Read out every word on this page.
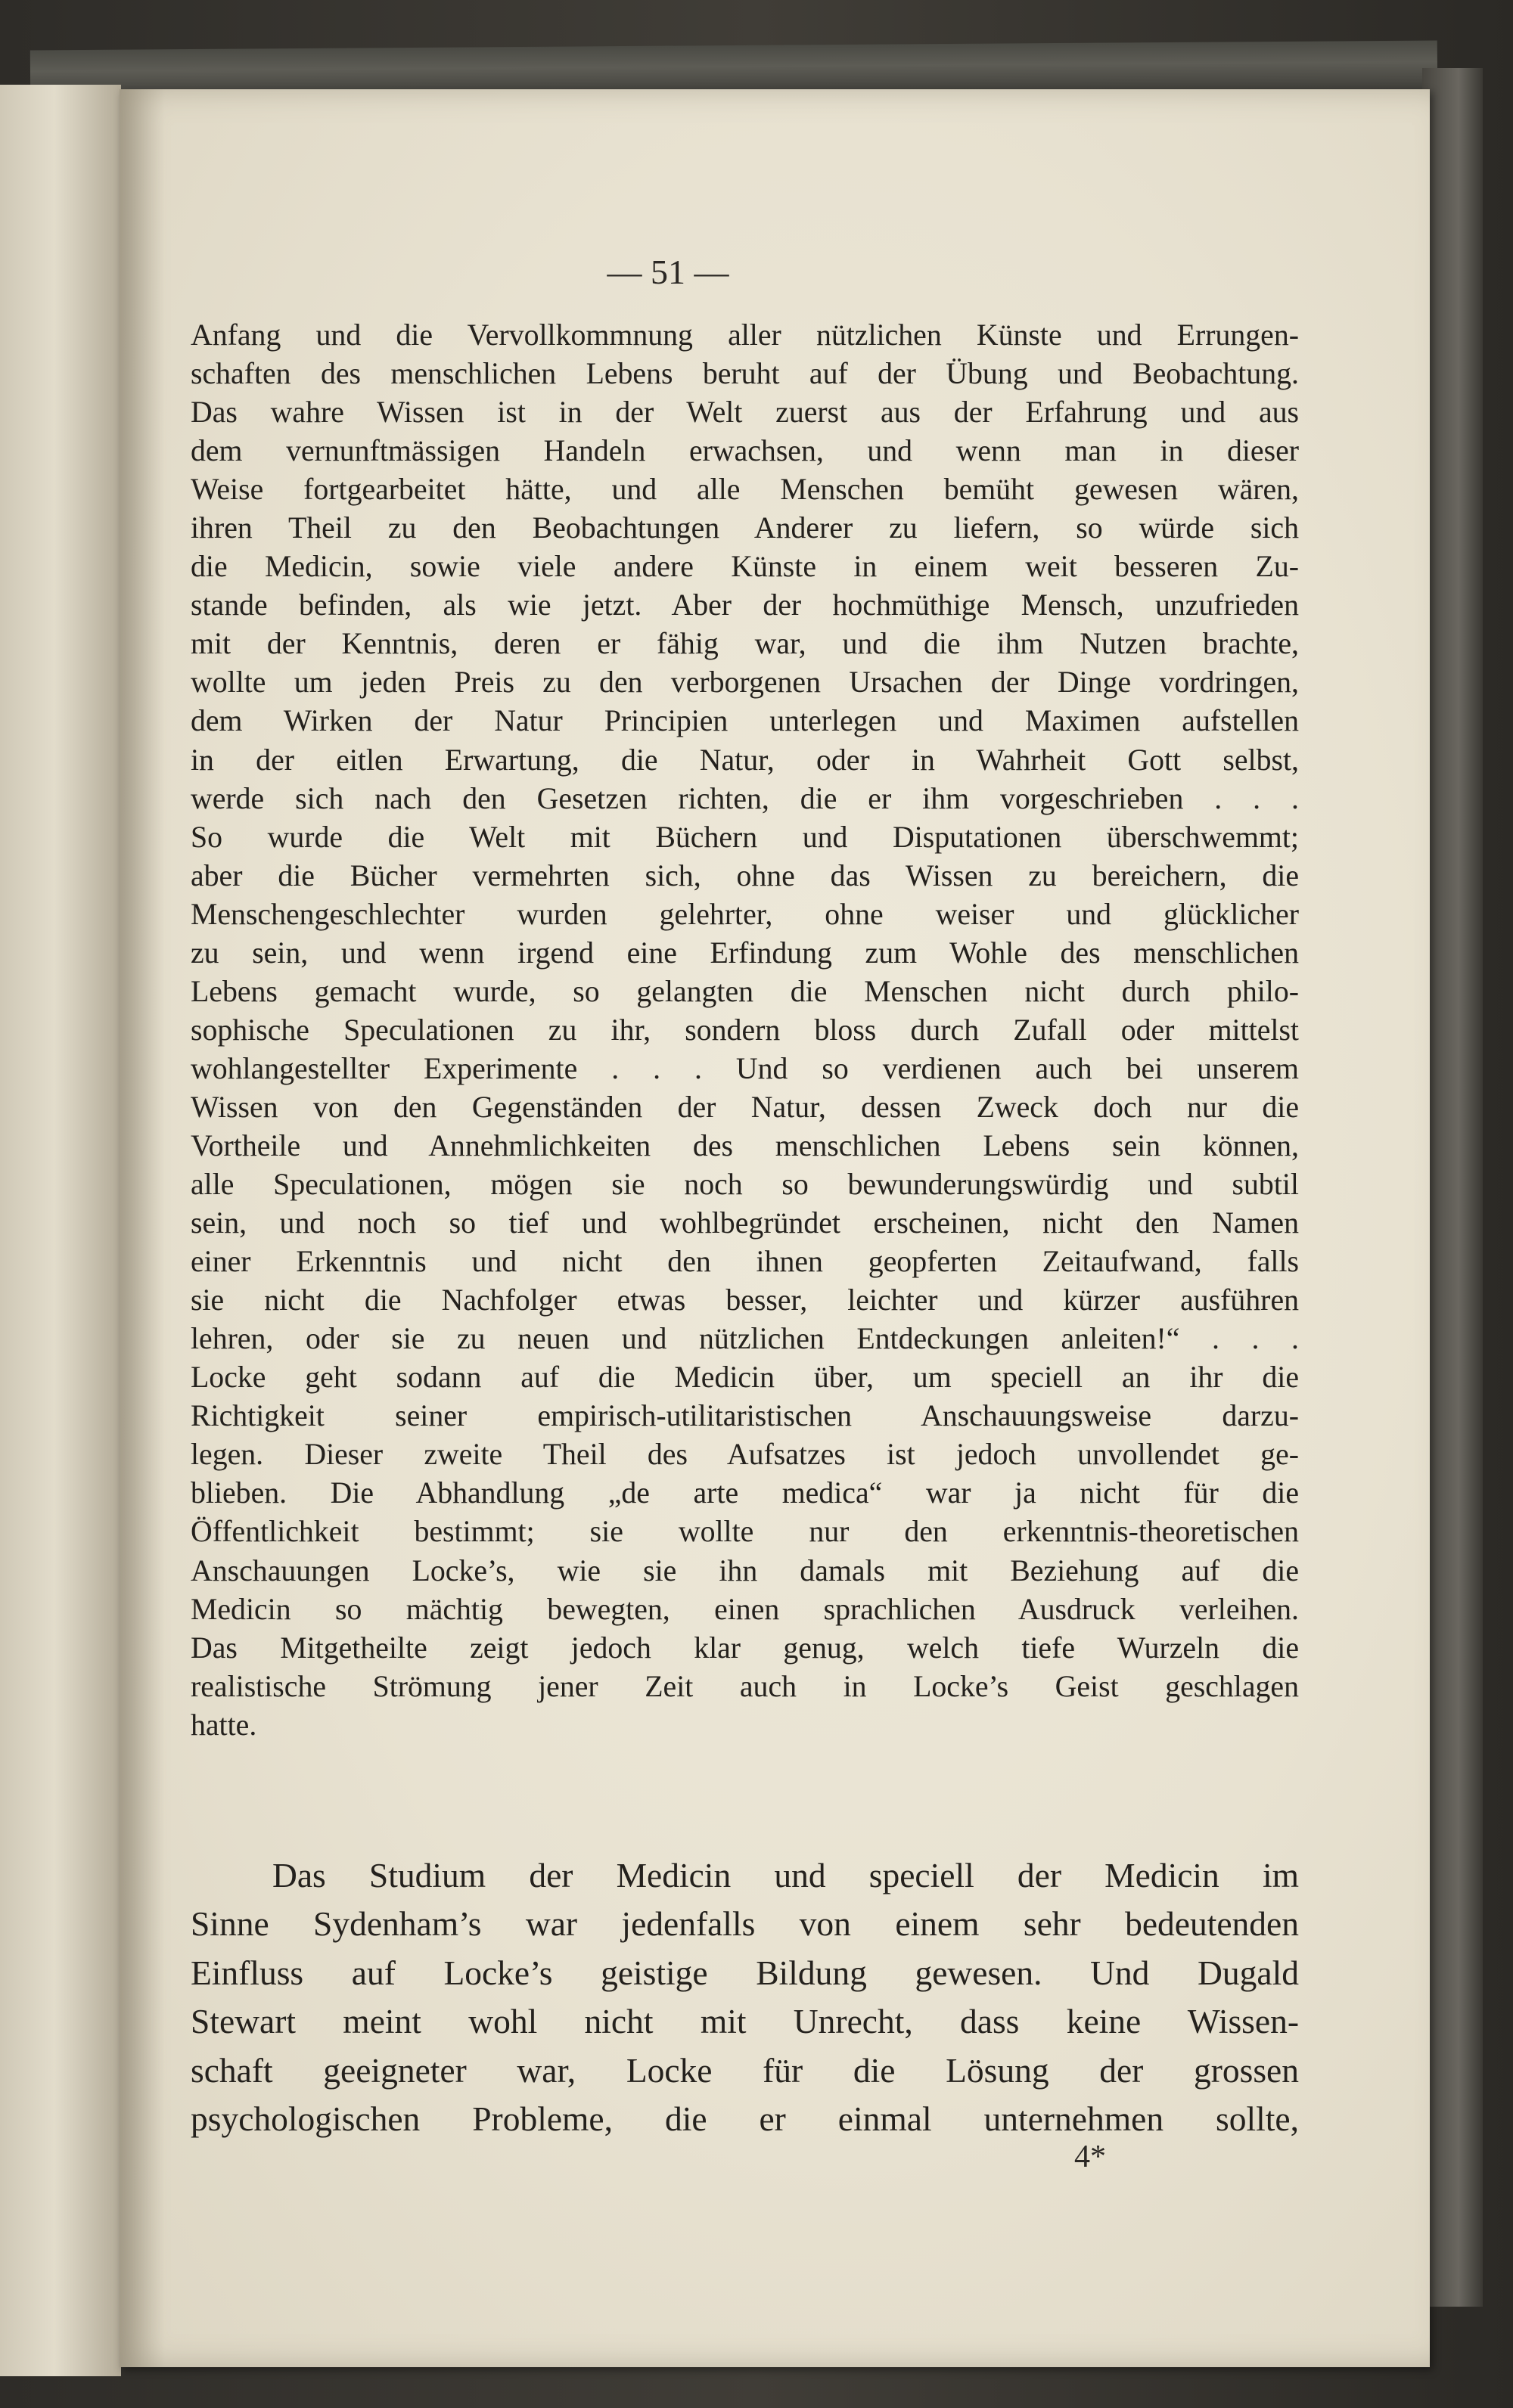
— 51 —
Anfang und die Vervollkommnung aller nützlichen Künste und Errungen-
schaften des menschlichen Lebens beruht auf der Übung und Beobachtung.
Das wahre Wissen ist in der Welt zuerst aus der Erfahrung und aus
dem vernunftmässigen Handeln erwachsen, und wenn man in dieser
Weise fortgearbeitet hätte, und alle Menschen bemüht gewesen wären,
ihren Theil zu den Beobachtungen Anderer zu liefern, so würde sich
die Medicin, sowie viele andere Künste in einem weit besseren Zu-
stande befinden, als wie jetzt. Aber der hochmüthige Mensch, unzufrieden
mit der Kenntnis, deren er fähig war, und die ihm Nutzen brachte,
wollte um jeden Preis zu den verborgenen Ursachen der Dinge vordringen,
dem Wirken der Natur Principien unterlegen und Maximen aufstellen
in der eitlen Erwartung, die Natur, oder in Wahrheit Gott selbst,
werde sich nach den Gesetzen richten, die er ihm vorgeschrieben . . .
So wurde die Welt mit Büchern und Disputationen überschwemmt;
aber die Bücher vermehrten sich, ohne das Wissen zu bereichern, die
Menschengeschlechter wurden gelehrter, ohne weiser und glücklicher
zu sein, und wenn irgend eine Erfindung zum Wohle des menschlichen
Lebens gemacht wurde, so gelangten die Menschen nicht durch philo-
sophische Speculationen zu ihr, sondern bloss durch Zufall oder mittelst
wohlangestellter Experimente . . . Und so verdienen auch bei unserem
Wissen von den Gegenständen der Natur, dessen Zweck doch nur die
Vortheile und Annehmlichkeiten des menschlichen Lebens sein können,
alle Speculationen, mögen sie noch so bewunderungswürdig und subtil
sein, und noch so tief und wohlbegründet erscheinen, nicht den Namen
einer Erkenntnis und nicht den ihnen geopferten Zeitaufwand, falls
sie nicht die Nachfolger etwas besser, leichter und kürzer ausführen
lehren, oder sie zu neuen und nützlichen Entdeckungen anleiten!“ . . .
Locke geht sodann auf die Medicin über, um speciell an ihr die
Richtigkeit seiner empirisch-utilitaristischen Anschauungsweise darzu-
legen. Dieser zweite Theil des Aufsatzes ist jedoch unvollendet ge-
blieben. Die Abhandlung „de arte medica“ war ja nicht für die
Öffentlichkeit bestimmt; sie wollte nur den erkenntnis-theoretischen
Anschauungen Locke’s, wie sie ihn damals mit Beziehung auf die
Medicin so mächtig bewegten, einen sprachlichen Ausdruck verleihen.
Das Mitgetheilte zeigt jedoch klar genug, welch tiefe Wurzeln die
realistische Strömung jener Zeit auch in Locke’s Geist geschlagen
hatte.
Das Studium der Medicin und speciell der Medicin im
Sinne Sydenham’s war jedenfalls von einem sehr bedeutenden
Einfluss auf Locke’s geistige Bildung gewesen. Und Dugald
Stewart meint wohl nicht mit Unrecht, dass keine Wissen-
schaft geeigneter war, Locke für die Lösung der grossen
psychologischen Probleme, die er einmal unternehmen sollte,
4*
